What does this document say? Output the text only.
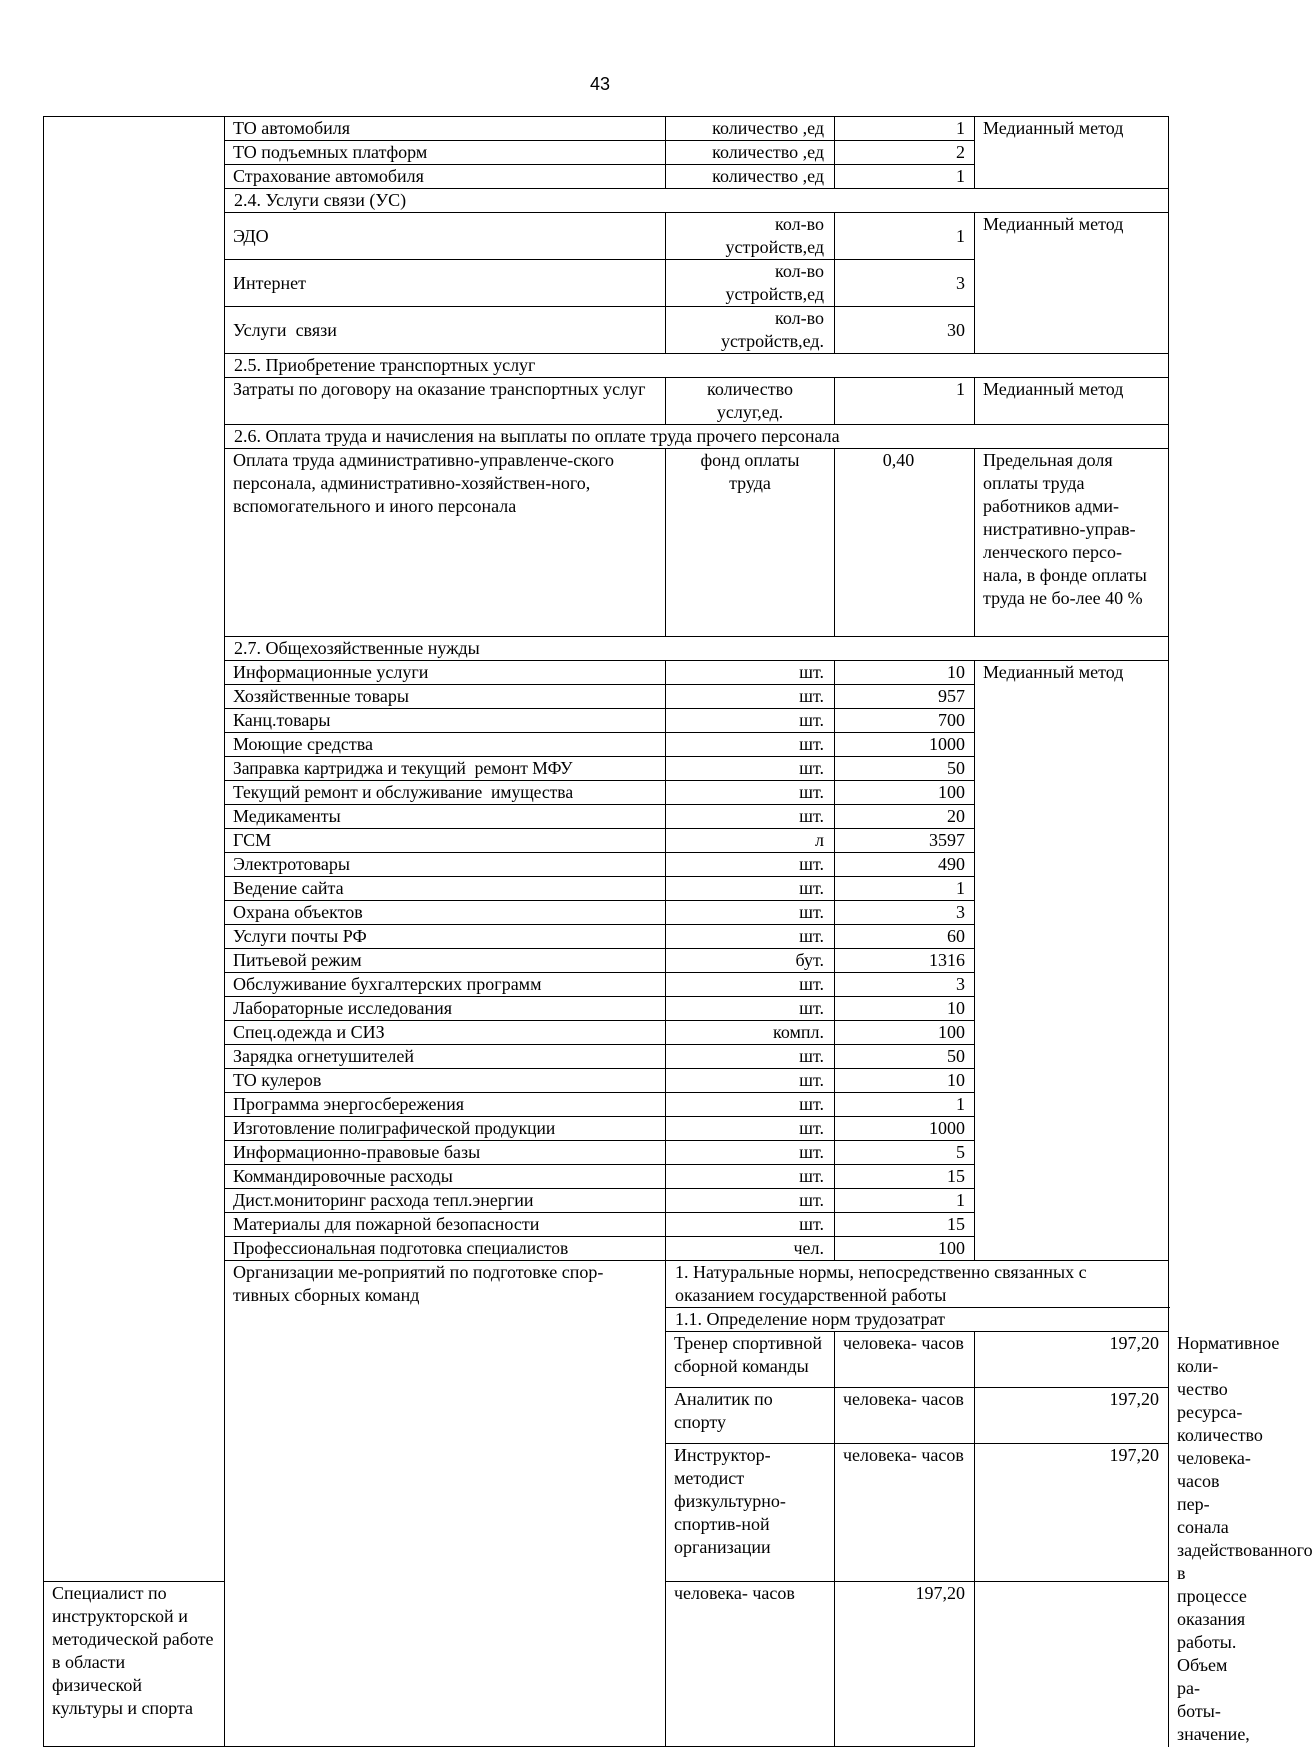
43
	ТО автомобиля	количество ,ед	1	Медианный метод	
	ТО подъемных платформ	количество ,ед	2		
	Страхование автомобиля	количество ,ед	1		
	2.4. Услуги связи (УС)				
	ЭДО	кол-во
устройств,ед	1	Медианный метод	
	Интернет	кол-во
устройств,ед	3		
	Услуги  связи	кол-во
устройств,ед.	30		
	2.5. Приобретение транспортных услуг				
	Затраты по договору на оказание транспортных услуг	количество услуг,ед.	1	Медианный метод	
	2.6. Оплата труда и начисления на выплаты по оплате труда прочего персонала				
	Оплата труда административно-управленче-ского персонала, административно-хозяйствен-ного, вспомогательного и иного персонала	фонд оплаты труда	0,40	Предельная доля оплаты труда работников адми-нистративно-управ-ленческого персо-нала, в фонде оплаты труда не бо-лее 40 %	
	2.7. Общехозяйственные нужды				
	Информационные услуги	шт.	10	Медианный метод	
	Хозяйственные товары	шт.	957		
	Канц.товары	шт.	700		
	Моющие средства	шт.	1000		
	Заправка картриджа и текущий  ремонт МФУ	шт.	50		
	Текущий ремонт и обслуживание  имущества	шт.	100		
	Медикаменты	шт.	20		
	ГСМ	л	3597		
	Электротовары	шт.	490		
	Ведение сайта	шт.	1		
	Охрана объектов	шт.	3		
	Услуги почты РФ	шт.	60		
	Питьевой режим	бут.	1316		
	Обслуживание бухгалтерских программ	шт.	3		
	Лабораторные исследования	шт.	10		
	Спец.одежда и СИЗ	компл.	100		
	Зарядка огнетушителей	шт.	50		
	ТО кулеров	шт.	10		
	Программа энергосбережения	шт.	1		
	Изготовление полиграфической продукции	шт.	1000		
	Информационно-правовые базы	шт.	5		
	Коммандировочные расходы	шт.	15		
	Дист.мониторинг расхода тепл.энергии	шт.	1		
	Материалы для пожарной безопасности	шт.	15		
	Профессиональная подготовка специалистов	чел.	100		
	Организации ме-роприятий по подготовке спор-тивных сборных команд	1. Натуральные нормы, непосредственно связанных с оказанием государственной работы			
		1.1. Определение норм трудозатрат			
		Тренер спортивной сборной команды	человека- часов	197,20	Нормативное коли-чество ресурса-количество человека-часов пер-сонала задействованного в процессе оказания работы. Объем ра-боты-значение,
		Аналитик по спорту	человека- часов	197,20	
		Инструктор-методист физкультурно-спортив-ной организации	человека- часов	197,20	
Специалист по инструкторской и методической работе в области физической культуры и спорта		человека- часов	197,20		
